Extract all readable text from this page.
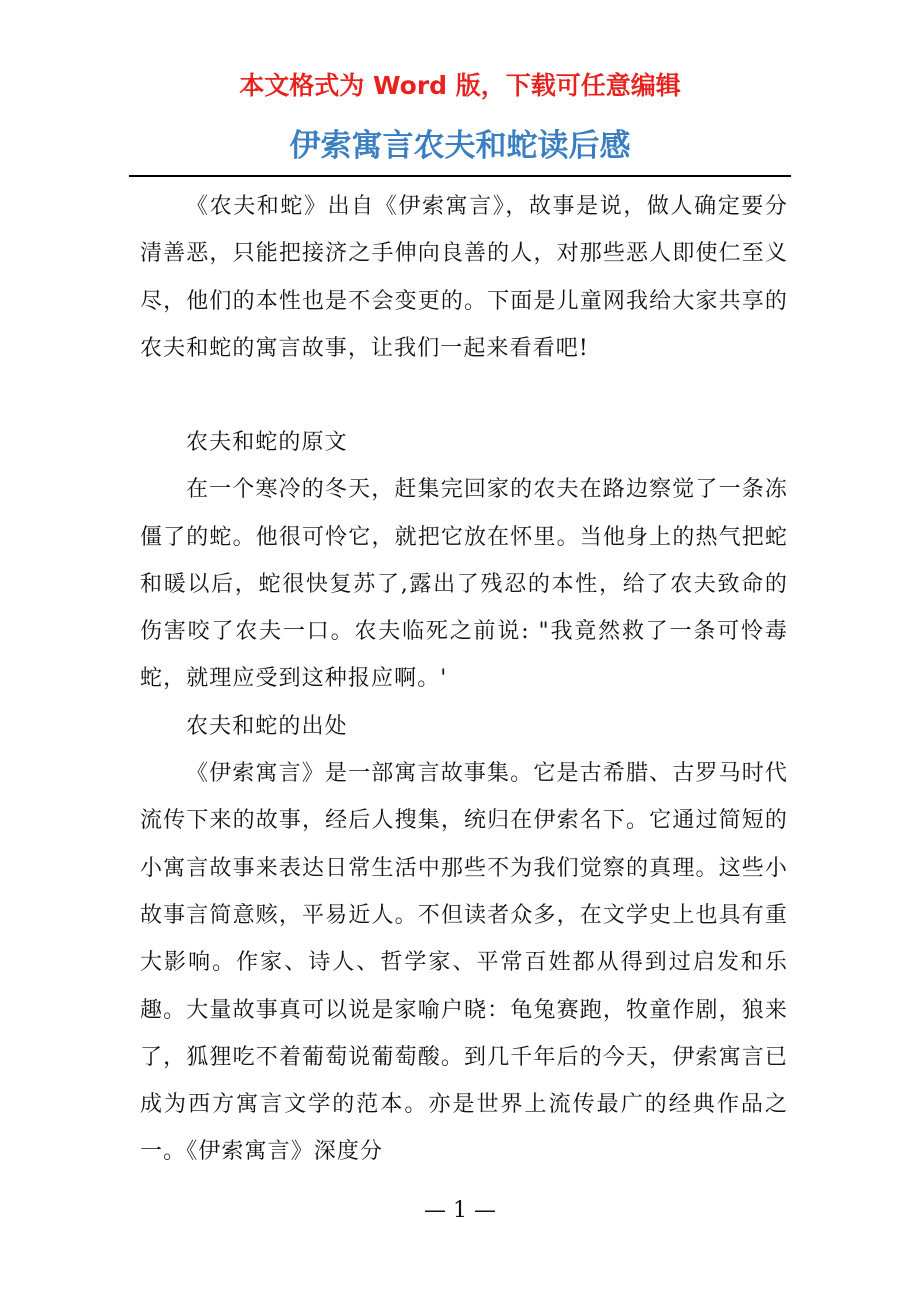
本文格式为 Word 版，下载可任意编辑
伊索寓言农夫和蛇读后感

《农夫和蛇》出自《伊索寓言》，故事是说，做人确定要分清善恶，只能把接济之手伸向良善的人，对那些恶人即使仁至义尽，他们的本性也是不会变更的。下面是儿童网我给大家共享的农夫和蛇的寓言故事，让我们一起来看看吧!

农夫和蛇的原文

在一个寒冷的冬天，赶集完回家的农夫在路边察觉了一条冻僵了的蛇。他很可怜它，就把它放在怀里。当他身上的热气把蛇和暖以后，蛇很快复苏了,露出了残忍的本性，给了农夫致命的伤害咬了农夫一口。农夫临死之前说: "我竟然救了一条可怜毒蛇，就理应受到这种报应啊。'

农夫和蛇的出处

《伊索寓言》是一部寓言故事集。它是古希腊、古罗马时代流传下来的故事，经后人搜集，统归在伊索名下。它通过简短的小寓言故事来表达日常生活中那些不为我们觉察的真理。这些小故事言简意赅，平易近人。不但读者众多，在文学史上也具有重大影响。作家、诗人、哲学家、平常百姓都从得到过启发和乐趣。大量故事真可以说是家喻户晓：龟兔赛跑，牧童作剧，狼来了，狐狸吃不着葡萄说葡萄酸。到几千年后的今天，伊索寓言已成为西方寓言文学的范本。亦是世界上流传最广的经典作品之一。《伊索寓言》深度分

— 1 —
